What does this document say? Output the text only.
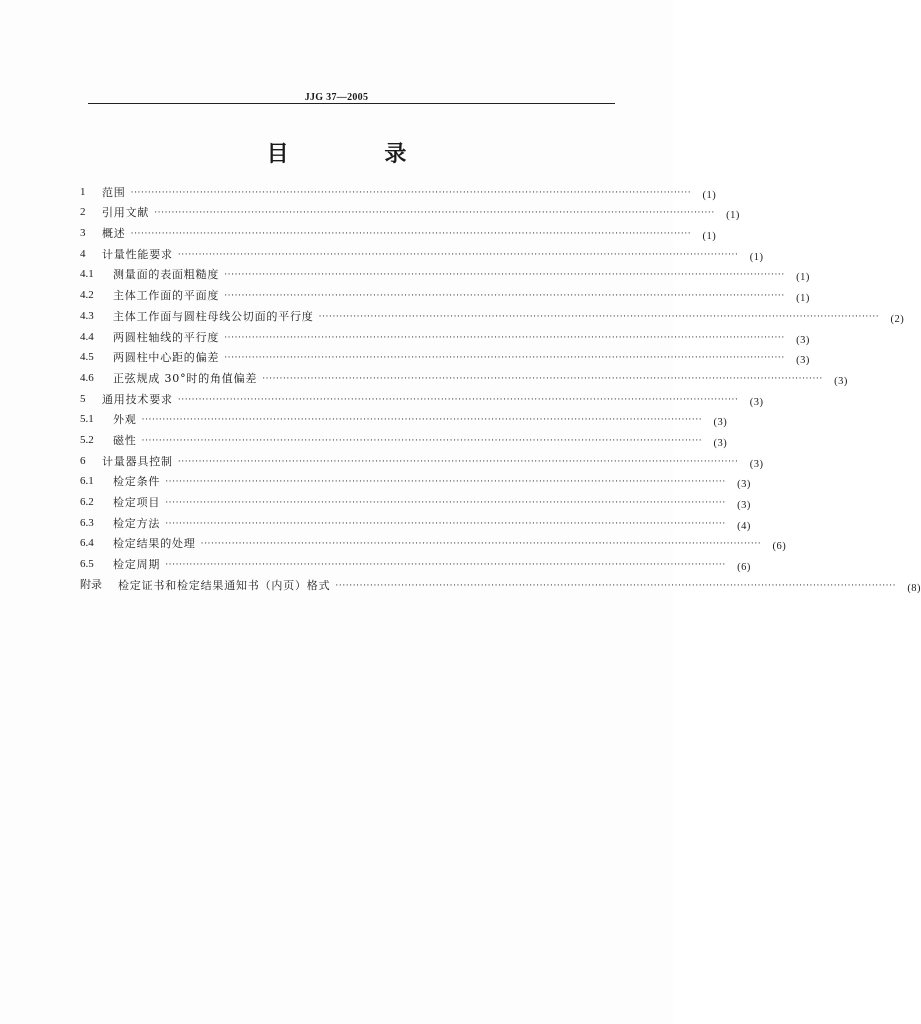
JJG 37—2005
目 录
1	范围 ··································································································································································	(1)
2	引用文献 ··································································································································································	(1)
3	概述 ··································································································································································	(1)
4	计量性能要求 ··································································································································································	(1)
4.1	测量面的表面粗糙度 ··································································································································································	(1)
4.2	主体工作面的平面度 ··································································································································································	(1)
4.3	主体工作面与圆柱母线公切面的平行度 ··································································································································································	(2)
4.4	两圆柱轴线的平行度 ··································································································································································	(3)
4.5	两圆柱中心距的偏差 ··································································································································································	(3)
4.6	正弦规成 30°时的角值偏差 ··································································································································································	(3)
5	通用技术要求 ··································································································································································	(3)
5.1	外观 ··································································································································································	(3)
5.2	磁性 ··································································································································································	(3)
6	计量器具控制 ··································································································································································	(3)
6.1	检定条件 ··································································································································································	(3)
6.2	检定项目 ··································································································································································	(3)
6.3	检定方法 ··································································································································································	(4)
6.4	检定结果的处理 ··································································································································································	(6)
6.5	检定周期 ··································································································································································	(6)
附录	检定证书和检定结果通知书（内页）格式 ··································································································································································	(8)
